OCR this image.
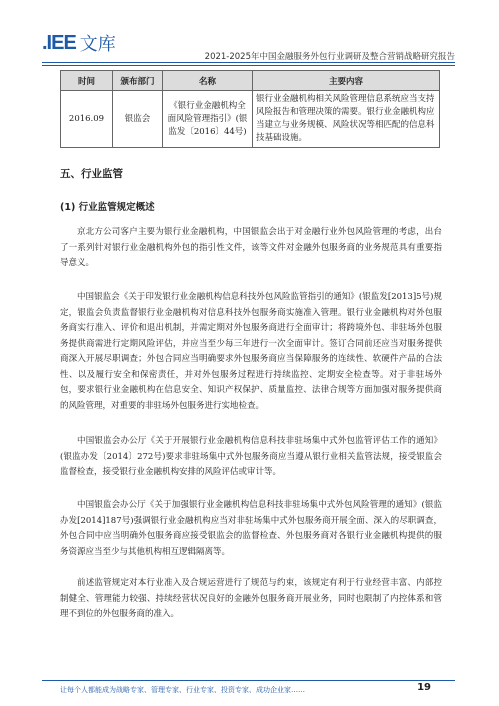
.IEE 文库
2021-2025年中国金融服务外包行业调研及整合营销战略研究报告
时间	颁布部门	名称	主要内容
2016.09	银监会	《银行业金融机构全面风险管理指引》(银监发〔2016〕44号)	银行业金融机构相关风险管理信息系统应当支持风险报告和管理决策的需要。银行业金融机构应当建立与业务规模、风险状况等相匹配的信息科技基础设施。
五、行业监管
(1) 行业监管规定概述

京北方公司客户主要为银行业金融机构，中国银监会出于对金融行业外包风险管理的考虑，出台了一系列针对银行业金融机构外包的指引性文件，该等文件对金融外包服务商的业务规范具有重要指导意义。

中国银监会《关于印发银行业金融机构信息科技外包风险监管指引的通知》(银监发[2013]5号)规定，银监会负责监督银行业金融机构对信息科技外包服务商实施准入管理。银行业金融机构对外包服务商实行准入、评价和退出机制，并需定期对外包服务商进行全面审计；将跨境外包、非驻场外包服务提供商需进行定期风险评估，并应当至少每三年进行一次全面审计。签订合同前还应当对服务提供商深入开展尽职调查；外包合同应当明确要求外包服务商应当保障服务的连续性、软硬件产品的合法性、以及履行安全和保密责任，并对外包服务过程进行持续监控、定期安全检查等。对于非驻场外包，要求银行业金融机构在信息安全、知识产权保护、质量监控、法律合规等方面加强对服务提供商的风险管理，对重要的非驻场外包服务进行实地检查。

中国银监会办公厅《关于开展银行业金融机构信息科技非驻场集中式外包监管评估工作的通知》(银监办发〔2014〕272号)要求非驻场集中式外包服务商应当遵从银行业相关监管法规，接受银监会监督检查，接受银行业金融机构安排的风险评估或审计等。

中国银监会办公厅《关于加强银行业金融机构信息科技非驻场集中式外包风险管理的通知》(银监办发[2014]187号)强调银行业金融机构应当对非驻场集中式外包服务商开展全面、深入的尽职调查，外包合同中应当明确外包服务商应接受银监会的监督检查、外包服务商对各银行业金融机构提供的服务资源应当至少与其他机构相互逻辑隔离等。

前述监管规定对本行业准入及合规运营进行了规范与约束，该规定有利于行业经营丰富、内部控制健全、管理能力较强、持续经营状况良好的金融外包服务商开展业务，同时也限制了内控体系和管理不到位的外包服务商的准入。

让每个人都能成为战略专家、管理专家、行业专家、投资专家、成功企业家……	19
